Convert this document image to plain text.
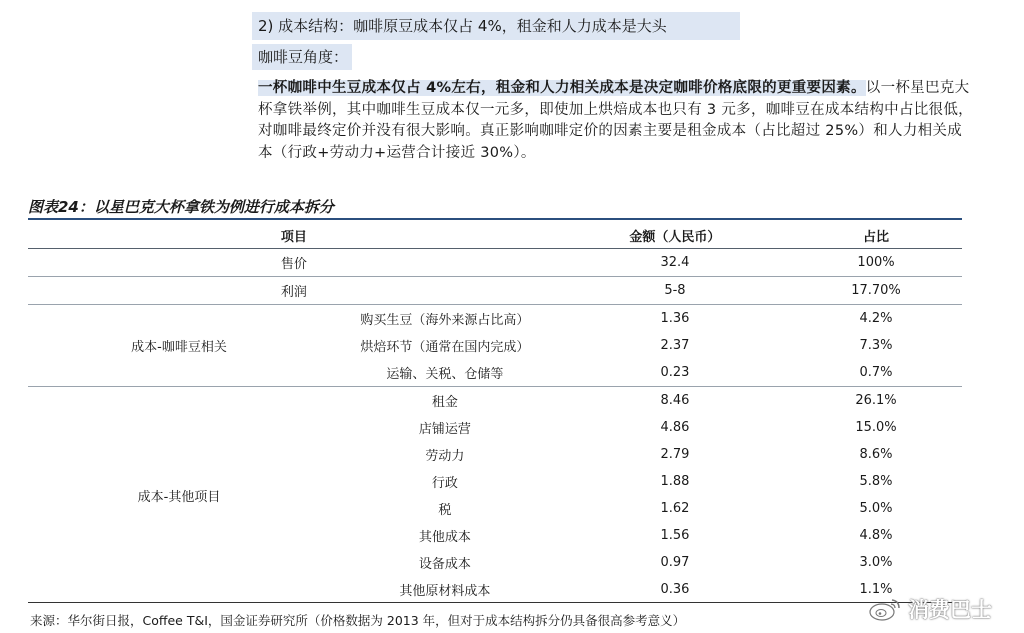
2) 成本结构：咖啡原豆成本仅占 4%，租金和人力成本是大头
咖啡豆角度：
一杯咖啡中生豆成本仅占 4%左右，租金和人力相关成本是决定咖啡价格底限的更重要因素。以一杯星巴克大杯拿铁举例，其中咖啡生豆成本仅一元多，即使加上烘焙成本也只有 3 元多，咖啡豆在成本结构中占比很低，对咖啡最终定价并没有很大影响。真正影响咖啡定价的因素主要是租金成本（占比超过 25%）和人力相关成本（行政+劳动力+运营合计接近 30%）。
图表24：以星巴克大杯拿铁为例进行成本拆分
项目		金额（人民币）	占比
售价		32.4	100%
利润		5-8	17.70%
成本-咖啡豆相关	购买生豆（海外来源占比高）	1.36	4.2%
	烘焙环节（通常在国内完成）	2.37	7.3%
	运输、关税、仓储等	0.23	0.7%
成本-其他项目	租金	8.46	26.1%
	店铺运营	4.86	15.0%
	劳动力	2.79	8.6%
	行政	1.88	5.8%
	税	1.62	5.0%
	其他成本	1.56	4.8%
	设备成本	0.97	3.0%
	其他原材料成本	0.36	1.1%
来源：华尔街日报，Coffee T&I，国金证券研究所（价格数据为 2013 年，但对于成本结构拆分仍具备很高参考意义）	消费巴士
